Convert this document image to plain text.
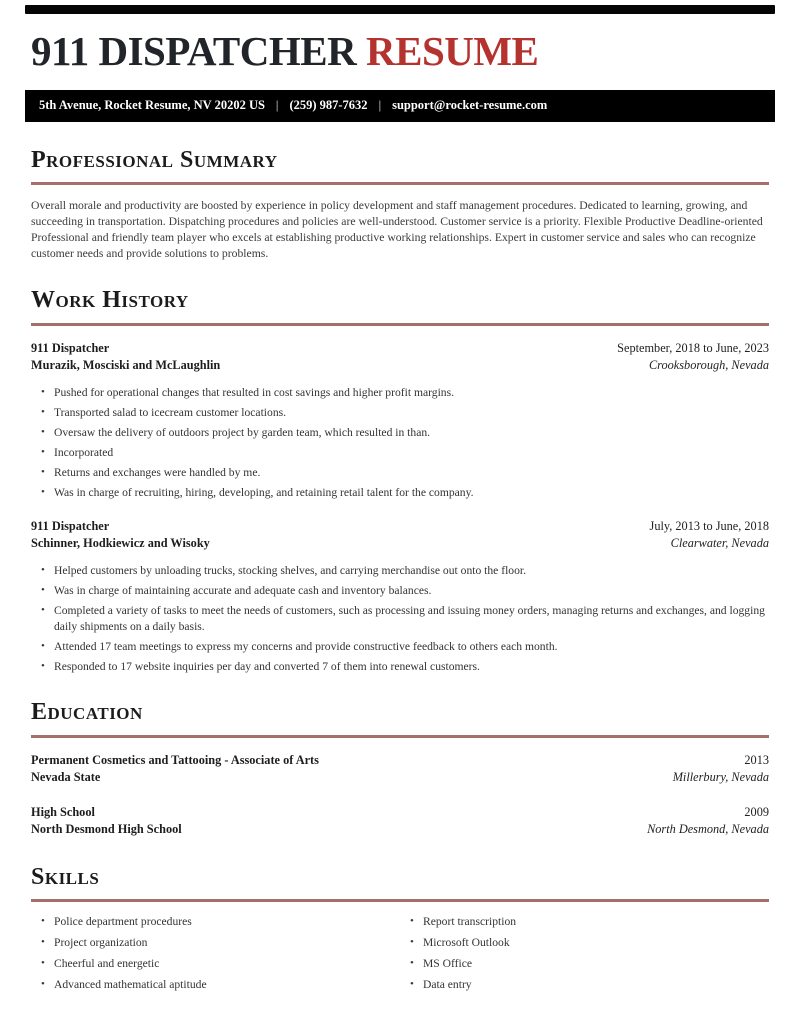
911 DISPATCHER RESUME
5th Avenue, Rocket Resume, NV 20202 US | (259) 987-7632 | support@rocket-resume.com
Professional Summary

Overall morale and productivity are boosted by experience in policy development and staff management procedures. Dedicated to learning, growing, and succeeding in transportation. Dispatching procedures and policies are well-understood. Customer service is a priority. Flexible Productive Deadline-oriented Professional and friendly team player who excels at establishing productive working relationships. Expert in customer service and sales who can recognize customer needs and provide solutions to problems.

Work History
911 Dispatcher	September, 2018 to June, 2023
Murazik, Mosciski and McLaughlin	Crooksborough, Nevada
• Pushed for operational changes that resulted in cost savings and higher profit margins.
• Transported salad to icecream customer locations.
• Oversaw the delivery of outdoors project by garden team, which resulted in than.
• Incorporated
• Returns and exchanges were handled by me.
• Was in charge of recruiting, hiring, developing, and retaining retail talent for the company.
911 Dispatcher	July, 2013 to June, 2018
Schinner, Hodkiewicz and Wisoky	Clearwater, Nevada
• Helped customers by unloading trucks, stocking shelves, and carrying merchandise out onto the floor.
• Was in charge of maintaining accurate and adequate cash and inventory balances.
• Completed a variety of tasks to meet the needs of customers, such as processing and issuing money orders, managing returns and exchanges, and logging daily shipments on a daily basis.
• Attended 17 team meetings to express my concerns and provide constructive feedback to others each month.
• Responded to 17 website inquiries per day and converted 7 of them into renewal customers.
Education
Permanent Cosmetics and Tattooing - Associate of Arts	2013
Nevada State	Millerbury, Nevada
High School	2009
North Desmond High School	North Desmond, Nevada
Skills
• Police department procedures
• Project organization
• Cheerful and energetic
• Advanced mathematical aptitude
• Report transcription
• Microsoft Outlook
• MS Office
• Data entry
